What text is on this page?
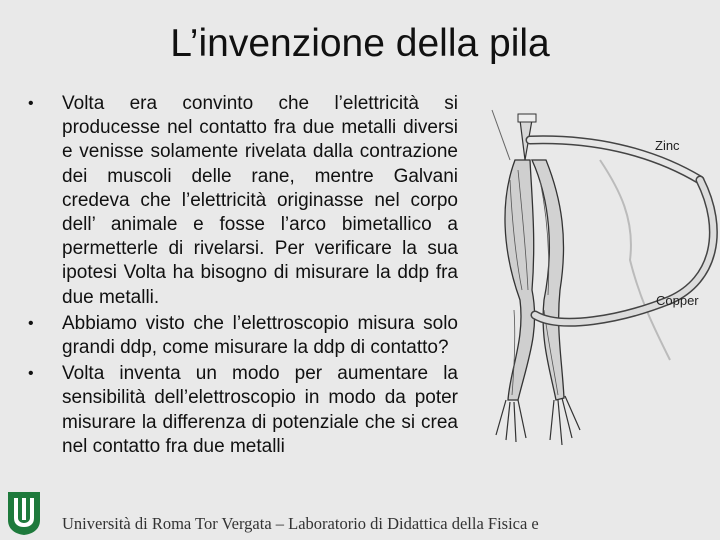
L’invenzione della pila
• Volta era convinto che l’elettricità si producesse nel contatto fra due metalli diversi e venisse solamente rivelata dalla contrazione dei muscoli delle rane, mentre Galvani credeva che l’elettricità originasse nel corpo dell’ animale e fosse l’arco bimetallico a permetterle di rivelarsi. Per verificare la sua ipotesi Volta ha bisogno di misurare la ddp fra due metalli.
• Abbiamo visto che l’elettroscopio misura solo grandi ddp, come misurare la ddp di contatto?
• Volta inventa un modo per aumentare la sensibilità dell’elettroscopio in modo da poter misurare la differenza di potenziale che si crea nel contatto fra due metalli
Zinc
Copper
Università di Roma Tor Vergata – Laboratorio di Didattica della Fisica e
